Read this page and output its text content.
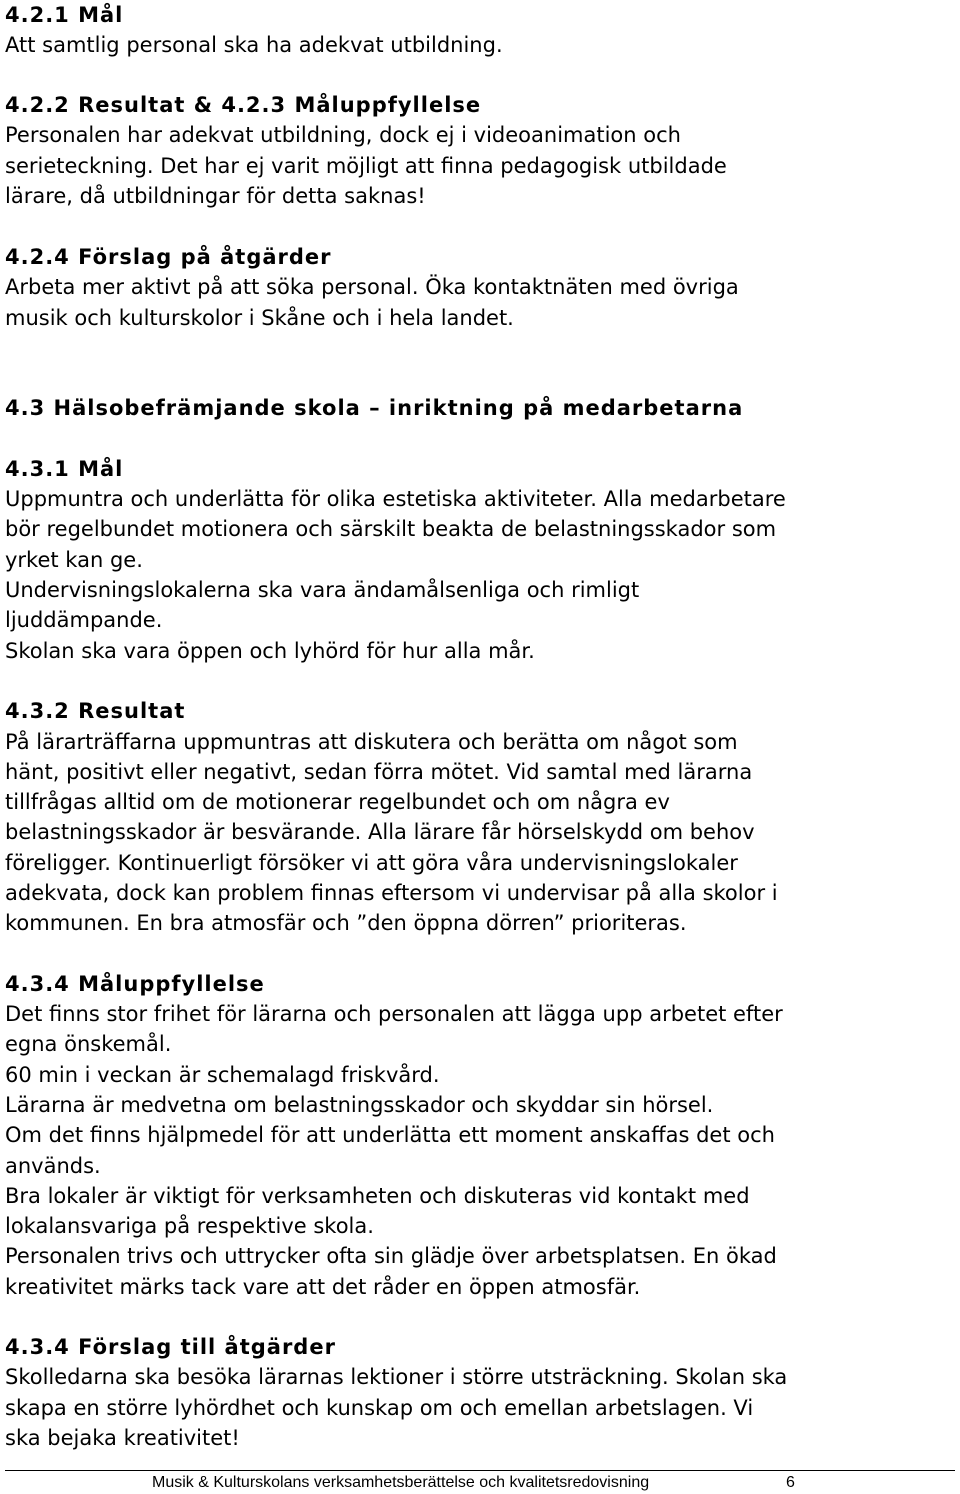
4.2.1 Mål

Att samtlig personal ska ha adekvat utbildning.

4.2.2 Resultat & 4.2.3 Måluppfyllelse

Personalen har adekvat utbildning, dock ej i videoanimation och

serieteckning. Det har ej varit möjligt att finna pedagogisk utbildade

lärare, då utbildningar för detta saknas!

4.2.4 Förslag på åtgärder

Arbeta mer aktivt på att söka personal. Öka kontaktnäten med övriga

musik och kulturskolor i Skåne och i hela landet.

4.3 Hälsobefrämjande skola – inriktning på medarbetarna

4.3.1 Mål

Uppmuntra och underlätta för olika estetiska aktiviteter. Alla medarbetare

bör regelbundet motionera och särskilt beakta de belastningsskador som

yrket kan ge.

Undervisningslokalerna ska vara ändamålsenliga och rimligt

ljuddämpande.

Skolan ska vara öppen och lyhörd för hur alla mår.

4.3.2 Resultat

På lärarträffarna uppmuntras att diskutera och berätta om något som

hänt, positivt eller negativt, sedan förra mötet. Vid samtal med lärarna

tillfrågas alltid om de motionerar regelbundet och om några ev

belastningsskador är besvärande. Alla lärare får hörselskydd om behov

föreligger. Kontinuerligt försöker vi att göra våra undervisningslokaler

adekvata, dock kan problem finnas eftersom vi undervisar på alla skolor i

kommunen. En bra atmosfär och ”den öppna dörren” prioriteras.

4.3.4 Måluppfyllelse

Det finns stor frihet för lärarna och personalen att lägga upp arbetet efter

egna önskemål.

60 min i veckan är schemalagd friskvård.

Lärarna är medvetna om belastningsskador och skyddar sin hörsel.

Om det finns hjälpmedel för att underlätta ett moment anskaffas det och

används.

Bra lokaler är viktigt för verksamheten och diskuteras vid kontakt med

lokalansvariga på respektive skola.

Personalen trivs och uttrycker ofta sin glädje över arbetsplatsen. En ökad

kreativitet märks tack vare att det råder en öppen atmosfär.

4.3.4 Förslag till åtgärder

Skolledarna ska besöka lärarnas lektioner i större utsträckning. Skolan ska

skapa en större lyhördhet och kunskap om och emellan arbetslagen. Vi

ska bejaka kreativitet!

Musik & Kulturskolans verksamhetsberättelse och kvalitetsredovisning	6
